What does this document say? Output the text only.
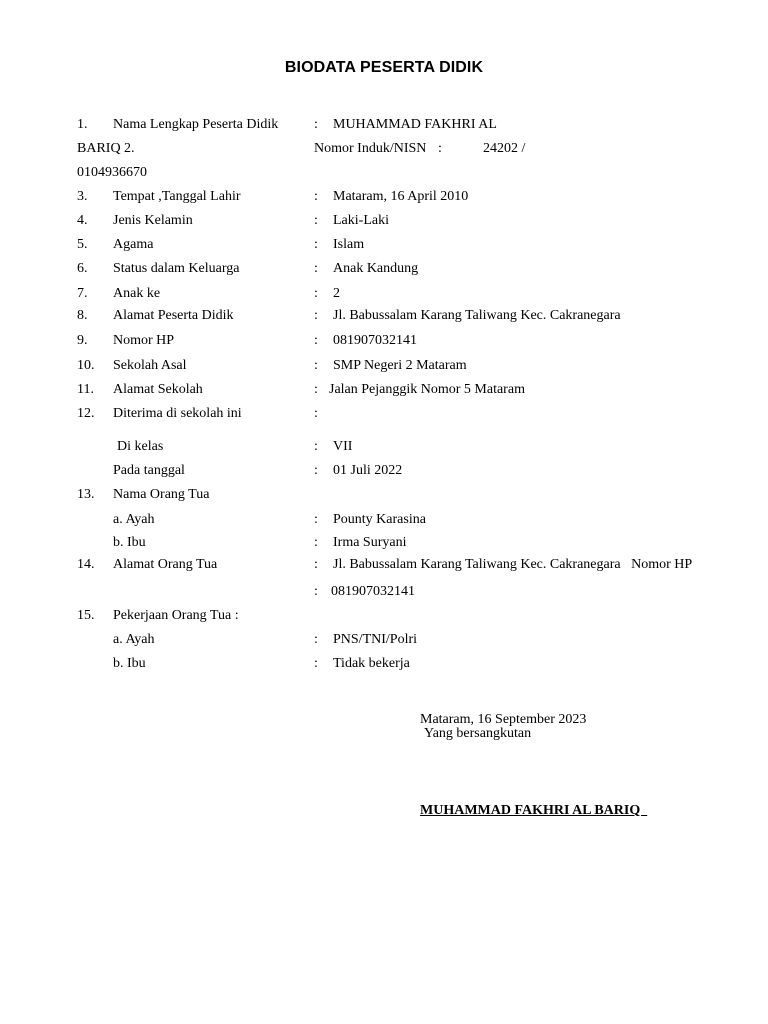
BIODATA PESERTA DIDIK
1. Nama Lengkap Peserta Didik	: MUHAMMAD FAKHRI AL
BARIQ 2.	Nomor Induk/NISN :	24202 /
0104936670
3. Tempat ,Tanggal Lahir	: Mataram, 16 April 2010
4. Jenis Kelamin	: Laki-Laki
5. Agama	: Islam
6. Status dalam Keluarga	: Anak Kandung
7. Anak ke	: 2
8. Alamat Peserta Didik	: Jl. Babussalam Karang Taliwang Kec. Cakranegara
9. Nomor HP	: 081907032141
10. Sekolah Asal	: SMP Negeri 2 Mataram
11. Alamat Sekolah	: Jalan Pejanggik Nomor 5 Mataram
12. Diterima di sekolah ini	:
Di kelas	: VII
Pada tanggal	: 01 Juli 2022
13. Nama Orang Tua
a. Ayah	: Pounty Karasina
b. Ibu	: Irma Suryani
14. Alamat Orang Tua	: Jl. Babussalam Karang Taliwang Kec. Cakranegara   Nomor HP
: 081907032141
15. Pekerjaan Orang Tua :
a. Ayah	: PNS/TNI/Polri
b. Ibu	: Tidak bekerja
Mataram, 16 September 2023
Yang bersangkutan
MUHAMMAD FAKHRI AL BARIQ
